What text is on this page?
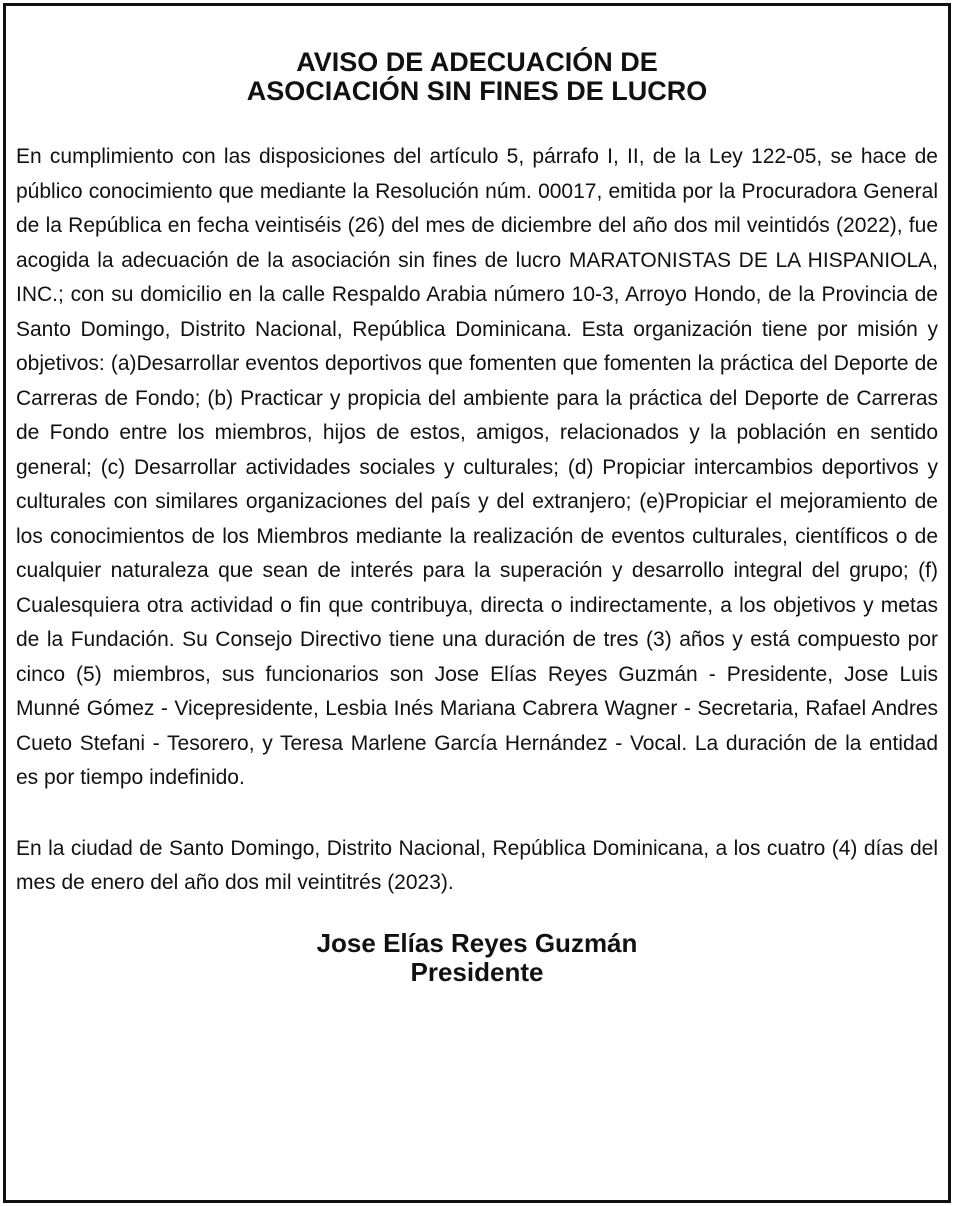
AVISO DE ADECUACIÓN DE
ASOCIACIÓN SIN FINES DE LUCRO

En cumplimiento con las disposiciones del artículo 5, párrafo I, II, de la Ley 122-05, se hace de público conocimiento que mediante la Resolución núm. 00017, emitida por la Procuradora General de la República en fecha veintiséis (26) del mes de diciembre del año dos mil veintidós (2022), fue acogida la adecuación de la asociación sin fines de lucro MARATONISTAS DE LA HISPANIOLA, INC.; con su domicilio en la calle Respaldo Arabia número 10-3, Arroyo Hondo, de la Provincia de Santo Domingo, Distrito Nacional, República Dominicana. Esta organización tiene por misión y objetivos: (a)Desarrollar eventos deportivos que fomenten que fomenten la práctica del Deporte de Carreras de Fondo; (b) Practicar y propicia del ambiente para la práctica del Deporte de Carreras de Fondo entre los miembros, hijos de estos, amigos, relacionados y la población en sentido general; (c) Desarrollar actividades sociales y culturales; (d) Propiciar intercambios deportivos y culturales con similares organizaciones del país y del extranjero; (e)Propiciar el mejoramiento de los conocimientos de los Miembros mediante la realización de eventos culturales, científicos o de cualquier naturaleza que sean de interés para la superación y desarrollo integral del grupo; (f) Cualesquiera otra actividad o fin que contribuya, directa o indirectamente, a los objetivos y metas de la Fundación. Su Consejo Directivo tiene una duración de tres (3) años y está compuesto por cinco (5) miembros, sus funcionarios son Jose Elías Reyes Guzmán - Presidente, Jose Luis Munné Gómez - Vicepresidente, Lesbia Inés Mariana Cabrera Wagner - Secretaria, Rafael Andres Cueto Stefani - Tesorero, y Teresa Marlene García Hernández - Vocal. La duración de la entidad es por tiempo indefinido.

En la ciudad de Santo Domingo, Distrito Nacional, República Dominicana, a los cuatro (4) días del mes de enero del año dos mil veintitrés (2023).

Jose Elías Reyes Guzmán
Presidente
